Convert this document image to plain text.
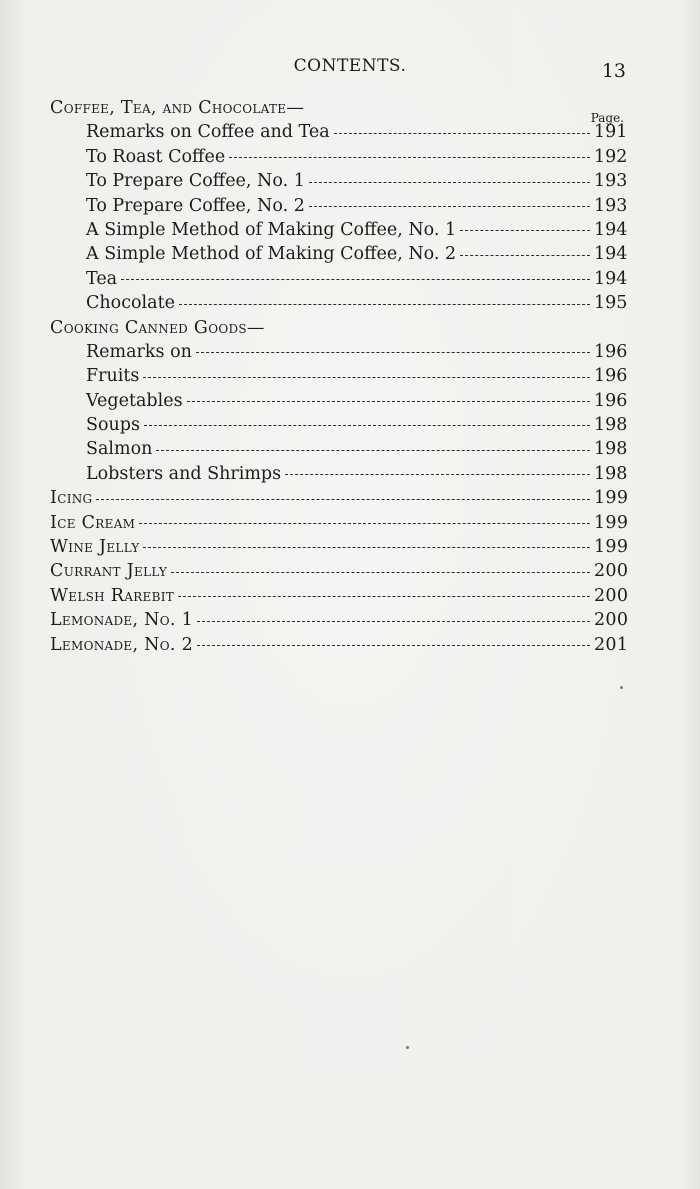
CONTENTS.	13
Page.
Coffee, Tea, and Chocolate—
Remarks on Coffee and Tea	191
To Roast Coffee	192
To Prepare Coffee, No. 1	193
To Prepare Coffee, No. 2	193
A Simple Method of Making Coffee, No. 1	194
A Simple Method of Making Coffee, No. 2	194
Tea	194
Chocolate	195
Cooking Canned Goods—
Remarks on	196
Fruits	196
Vegetables	196
Soups	198
Salmon	198
Lobsters and Shrimps	198
Icing	199
Ice Cream	199
Wine Jelly	199
Currant Jelly	200
Welsh Rarebit	200
Lemonade, No. 1	200
Lemonade, No. 2	201
